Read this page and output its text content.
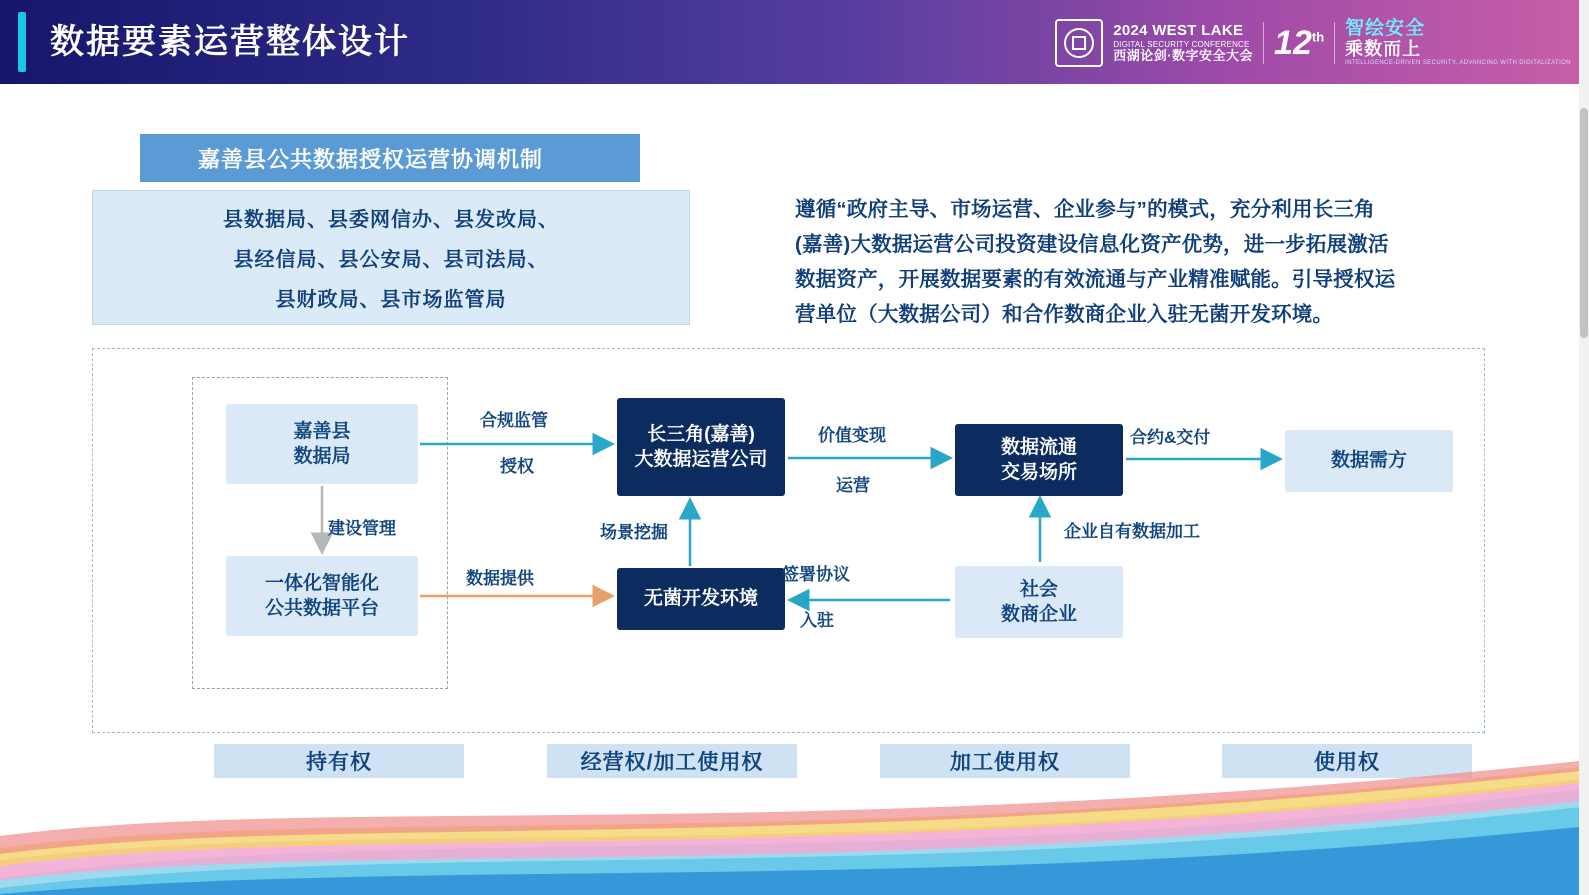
数据要素运营整体设计	2024 WEST LAKE
DIGITAL SECURITY CONFERENCE
西湖论剑·数字安全大会 12th 智绘安全
乘数而上
INTELLIGENCE-DRIVEN SECURITY, ADVANCING WITH DIGITALIZATION
嘉善县公共数据授权运营协调机制
县数据局、县委网信办、县发改局、
县经信局、县公安局、县司法局、
县财政局、县市场监管局
遵循“政府主导、市场运营、企业参与”的模式，充分利用长三角
(嘉善)大数据运营公司投资建设信息化资产优势，进一步拓展激活
数据资产，开展数据要素的有效流通与产业精准赋能。引导授权运
营单位（大数据公司）和合作数商企业入驻无菌开发环境。
嘉善县
数据局
一体化智能化
公共数据平台
长三角(嘉善)
大数据运营公司
无菌开发环境
数据流通
交易场所
社会
数商企业
数据需方
合规监管
授权
建设管理
数据提供
场景挖掘
价值变现
运营
签署协议
入驻
企业自有数据加工
合约&交付
持有权	经营权/加工使用权	加工使用权	使用权
